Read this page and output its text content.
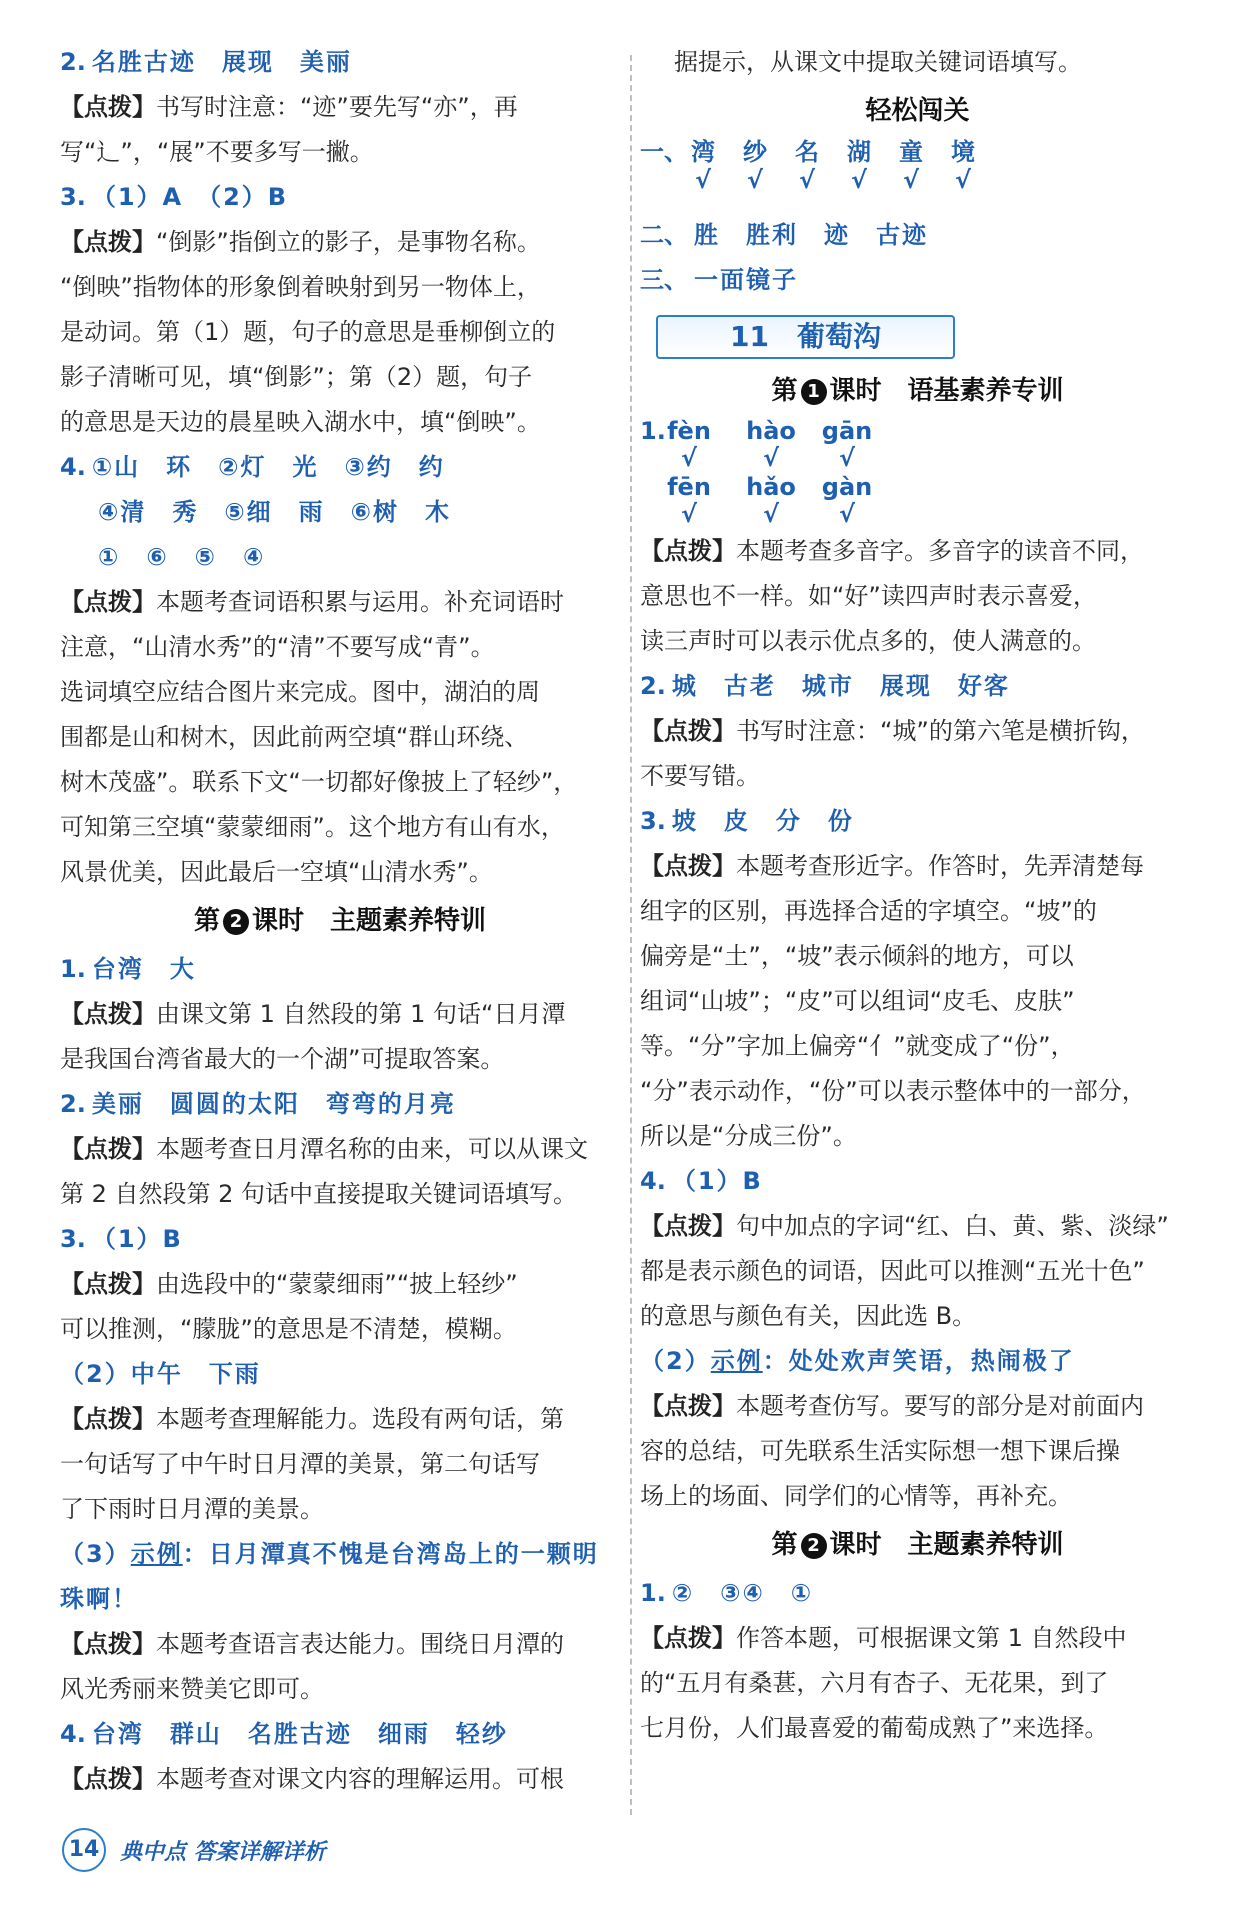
2. 名胜古迹　展现　美丽

【点拨】书写时注意：“迹”要先写“亦”，再

写“辶”，“展”不要多写一撇。

3. （1）A　（2）B

【点拨】“倒影”指倒立的影子，是事物名称。

“倒映”指物体的形象倒着映射到另一物体上，

是动词。第（1）题，句子的意思是垂柳倒立的

影子清晰可见，填“倒影”；第（2）题，句子

的意思是天边的晨星映入湖水中，填“倒映”。

4. ①山　环　②灯　光　③约　约

④清　秀　⑤细　雨　⑥树　木

①　⑥　⑤　④

【点拨】本题考查词语积累与运用。补充词语时

注意，“山清水秀”的“清”不要写成“青”。

选词填空应结合图片来完成。图中，湖泊的周

围都是山和树木，因此前两空填“群山环绕、

树木茂盛”。联系下文“一切都好像披上了轻纱”，

可知第三空填“蒙蒙细雨”。这个地方有山有水，

风景优美，因此最后一空填“山清水秀”。

第 2 课时　主题素养特训

1. 台湾　大

【点拨】由课文第 1 自然段的第 1 句话“日月潭

是我国台湾省最大的一个湖”可提取答案。

2. 美丽　圆圆的太阳　弯弯的月亮

【点拨】本题考查日月潭名称的由来，可以从课文

第 2 自然段第 2 句话中直接提取关键词语填写。

3. （1）B

【点拨】由选段中的“蒙蒙细雨”“披上轻纱”

可以推测，“朦胧”的意思是不清楚，模糊。

（2）中午　下雨

【点拨】本题考查理解能力。选段有两句话，第

一句话写了中午时日月潭的美景，第二句话写

了下雨时日月潭的美景。

（3）示例：日月潭真不愧是台湾岛上的一颗明

珠啊！

【点拨】本题考查语言表达能力。围绕日月潭的

风光秀丽来赞美它即可。

4. 台湾　群山　名胜古迹　细雨　轻纱

【点拨】本题考查对课文内容的理解运用。可根

据提示，从课文中提取关键词语填写。

轻松闯关
一、 湾
√
纱
√
名
√
湖
√
童
√
境
√

二、 胜　胜利　迹　古迹

三、 一面镜子

11　葡萄沟
第 1 课时　语基素养专训
1. fèn
√
hào
√
gān
√
fēn
√
hǎo
√
gàn
√

【点拨】本题考查多音字。多音字的读音不同，

意思也不一样。如“好”读四声时表示喜爱，

读三声时可以表示优点多的，使人满意的。

2. 城　古老　城市　展现　好客

【点拨】书写时注意：“城”的第六笔是横折钩，

不要写错。

3. 坡　皮　分　份

【点拨】本题考查形近字。作答时，先弄清楚每

组字的区别，再选择合适的字填空。“坡”的

偏旁是“土”，“坡”表示倾斜的地方，可以

组词“山坡”；“皮”可以组词“皮毛、皮肤”

等。“分”字加上偏旁“亻”就变成了“份”，

“分”表示动作，“份”可以表示整体中的一部分，

所以是“分成三份”。

4. （1）B

【点拨】句中加点的字词“红、白、黄、紫、淡绿”

都是表示颜色的词语，因此可以推测“五光十色”

的意思与颜色有关，因此选 B。

（2）示例：处处欢声笑语，热闹极了

【点拨】本题考查仿写。要写的部分是对前面内

容的总结，可先联系生活实际想一想下课后操

场上的场面、同学们的心情等，再补充。

第 2 课时　主题素养特训

1. ②　③④　①

【点拨】作答本题，可根据课文第 1 自然段中

的“五月有桑葚，六月有杏子、无花果，到了

七月份，人们最喜爱的葡萄成熟了”来选择。

14 典中点 答案详解详析
